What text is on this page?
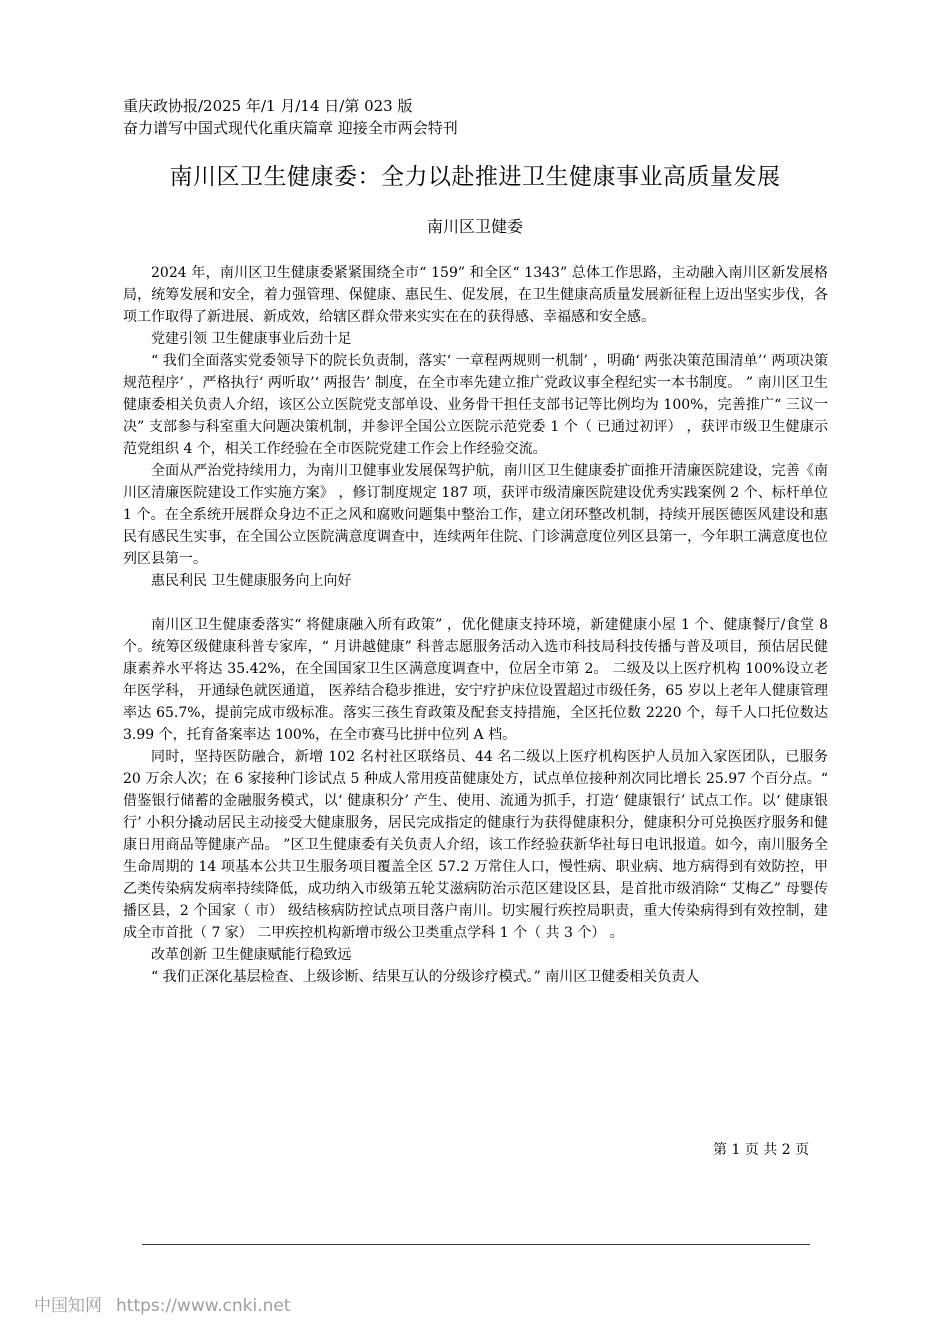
重庆政协报/2025 年/1 月/14 日/第 023 版
奋力谱写中国式现代化重庆篇章 迎接全市两会特刊
南川区卫生健康委：全力以赴推进卫生健康事业高质量发展
南川区卫健委

2024 年，南川区卫生健康委紧紧围绕全市“ 159” 和全区“ 1343” 总体工作思路，主动融入南川区新发展格局，统筹发展和安全，着力强管理、保健康、惠民生、促发展，在卫生健康高质量发展新征程上迈出坚实步伐，各项工作取得了新进展、新成效，给辖区群众带来实实在在的获得感、幸福感和安全感。

党建引领 卫生健康事业后劲十足

“ 我们全面落实党委领导下的院长负责制，落实‘ 一章程两规则一机制’ ，明确‘ 两张决策范围清单’‘ 两项决策规范程序’ ，严格执行‘ 两听取’‘ 两报告’ 制度，在全市率先建立推广党政议事全程纪实一本书制度。 ” 南川区卫生健康委相关负责人介绍，该区公立医院党支部单设、业务骨干担任支部书记等比例均为 100%，完善推广“ 三议一决” 支部参与科室重大问题决策机制，并参评全国公立医院示范党委 1 个（ 已通过初评） ，获评市级卫生健康示范党组织 4 个，相关工作经验在全市医院党建工作会上作经验交流。

全面从严治党持续用力，为南川卫健事业发展保驾护航，南川区卫生健康委扩面推开清廉医院建设，完善《南川区清廉医院建设工作实施方案》 ，修订制度规定 187 项，获评市级清廉医院建设优秀实践案例 2 个、标杆单位 1 个。在全系统开展群众身边不正之风和腐败问题集中整治工作，建立闭环整改机制，持续开展医德医风建设和惠民有感民生实事，在全国公立医院满意度调查中，连续两年住院、门诊满意度位列区县第一，今年职工满意度也位列区县第一。

惠民利民 卫生健康服务向上向好

南川区卫生健康委落实“ 将健康融入所有政策” ，优化健康支持环境，新建健康小屋 1 个、健康餐厅/食堂 8 个。统筹区级健康科普专家库，“ 月讲越健康” 科普志愿服务活动入选市科技局科技传播与普及项目，预估居民健康素养水平将达 35.42%，在全国国家卫生区满意度调查中，位居全市第 2。 二级及以上医疗机构 100%设立老年医学科， 开通绿色就医通道， 医养结合稳步推进，安宁疗护床位设置超过市级任务，65 岁以上老年人健康管理率达 65.7%，提前完成市级标准。落实三孩生育政策及配套支持措施，全区托位数 2220 个，每千人口托位数达 3.99 个，托育备案率达 100%，在全市赛马比拼中位列 A 档。

同时，坚持医防融合，新增 102 名村社区联络员、44 名二级以上医疗机构医护人员加入家医团队，已服务 20 万余人次；在 6 家接种门诊试点 5 种成人常用疫苗健康处方，试点单位接种剂次同比增长 25.97 个百分点。“ 借鉴银行储蓄的金融服务模式，以‘ 健康积分’ 产生、使用、流通为抓手，打造‘ 健康银行’ 试点工作。以‘ 健康银行’ 小积分撬动居民主动接受大健康服务，居民完成指定的健康行为获得健康积分，健康积分可兑换医疗服务和健康日用商品等健康产品。 ”区卫生健康委有关负责人介绍，该工作经验获新华社每日电讯报道。如今，南川服务全生命周期的 14 项基本公共卫生服务项目覆盖全区 57.2 万常住人口，慢性病、职业病、地方病得到有效防控，甲乙类传染病发病率持续降低，成功纳入市级第五轮艾滋病防治示范区建设区县，是首批市级消除“ 艾梅乙” 母婴传播区县，2 个国家（ 市） 级结核病防控试点项目落户南川。切实履行疾控局职责，重大传染病得到有效控制，建成全市首批（ 7 家） 二甲疾控机构新增市级公卫类重点学科 1 个（ 共 3 个） 。

改革创新 卫生健康赋能行稳致远

“ 我们正深化基层检查、上级诊断、结果互认的分级诊疗模式。” 南川区卫健委相关负责人

第 1 页 共 2 页
中国知网 https://www.cnki.net
